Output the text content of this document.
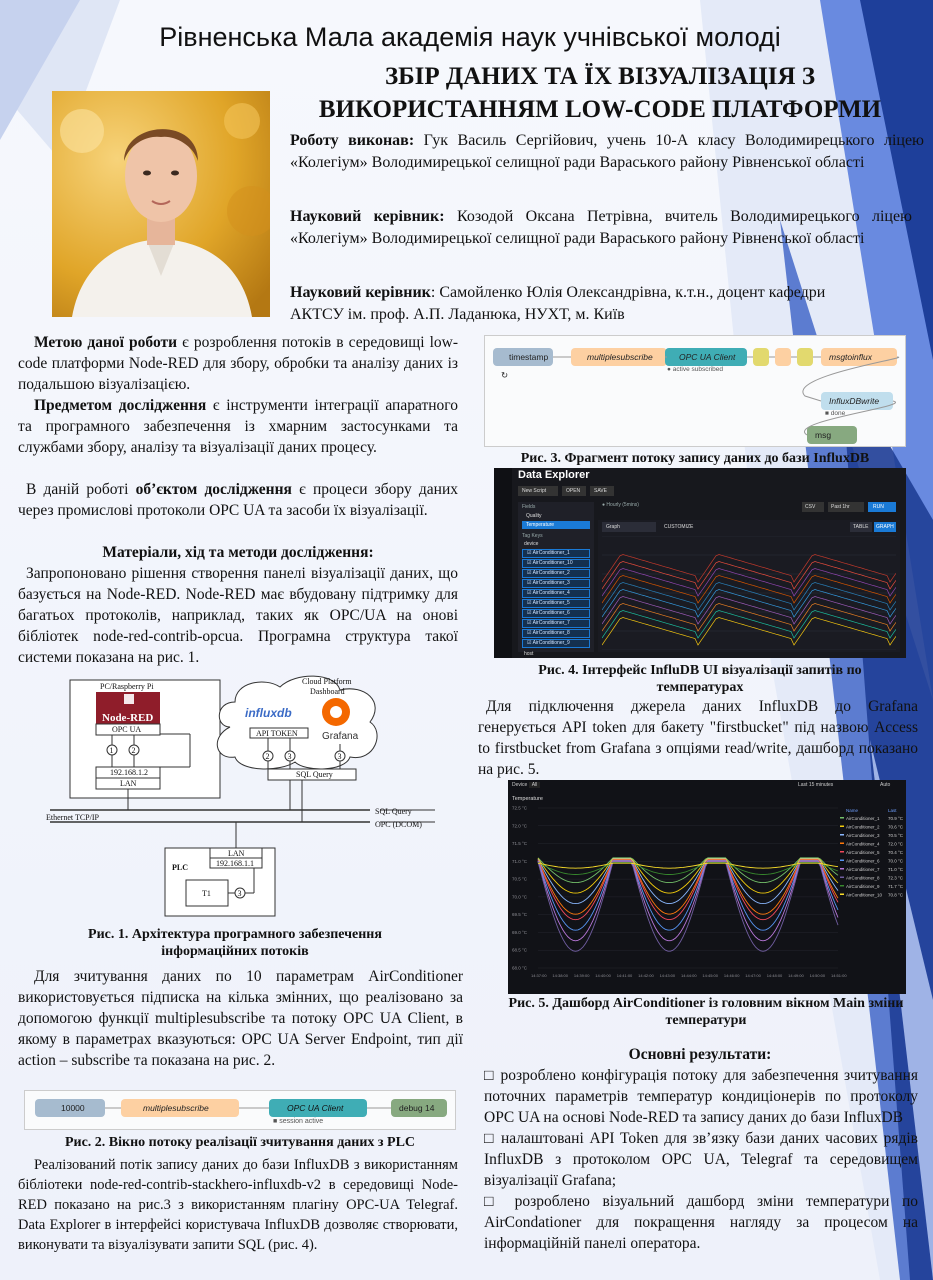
Рівненська Мала академія наук учнівської молоді
ЗБІР ДАНИХ ТА ЇХ ВІЗУАЛІЗАЦІЯ З
ВИКОРИСТАННЯМ LOW-CODE ПЛАТФОРМИ
Роботу виконав: Гук Василь Сергійович, учень 10-А класу Володимирецького ліцею «Колегіум» Володимирецької селищної ради Вараського району Рівненської області
Науковий керівник: Козодой Оксана Петрівна, вчитель Володимирецького ліцею «Колегіум» Володимирецької селищної ради Вараського району Рівненської області
Науковий керівник: Самойленко Юлія Олександрівна, к.т.н., доцент кафедри АКТСУ ім. проф. А.П. Ладанюка, НУХТ, м. Київ
Метою даної роботи є розроблення потоків в середовищі low-code платформи Node-RED для збору, обробки та аналізу даних із подальшою візуалізацією.
Предметом дослідження є інструменти інтеграції апаратного та програмного забезпечення із хмарним застосунками та службами збору, аналізу та візуалізації даних процесу.
В даній роботі об’єктом дослідження є процеси збору даних через промислові протоколи OPC UA та засоби їх візуалізації.
Матеріали, хід та методи дослідження:
Запропоновано рішення створення панелі візуалізації даних, що базується на Node-RED. Node-RED має вбудовану підтримку для багатьох протоколів, наприклад, таких як OPC/UA на онові бібліотек node-red-contrib-opcua. Програмна структура такої системи показана на рис. 1.
PC/Raspberry Pi
Node-RED
OPC UA
1 2
192.168.1.2
LAN
Cloud Platform
Dashboard
influxdb
Grafana
API TOKEN
2 3	3
SQL Query
SQL Query
OPC (DCOM)
Ethernet TCP/IP
LAN
192.168.1.1
PLC
T1	3
Рис. 1. Архітектура програмного забезпечення інформаційних потоків
Для зчитування даних по 10 параметрам AirConditioner використовується підписка на кілька змінних, що реалізовано за допомогою функції multiplesubscribe та потоку OPC UA Client, в якому в параметрах вказуються: OPC UA Server Endpoint, тип дії action – subscribe та показана на рис. 2.
10000	multiplesubscribe	OPC UA Client
■ session active
debug 14
Рис. 2. Вікно потоку реалізації зчитування даних з PLC
Реалізований потік запису даних до бази InfluxDB з використанням бібліотеки node-red-contrib-stackhero-influxdb-v2 в середовищі Node-RED показано на рис.3 з використанням плагіну OPC-UA Telegraf. Data Explorer в інтерфейсі користувача InfluxDB дозволяє створювати, виконувати та візуалізувати запити SQL (рис. 4).
timestamp ↻
multiplesubscribe	OPC UA Client
● active subscribed
msgtoinflux
InfluxDBwrite
■ done
msg
Рис. 3. Фрагмент потоку запису даних до бази InfluxDB
Data Explorer
New Script	OPEN	SAVE
● Hourly (5mins)	CSV	Past 1hr	RUN
Fields
Quality
Temperature
Tag Keys
device
☑ AirConditioner_1
☑ AirConditioner_10
☑ AirConditioner_2
☑ AirConditioner_3
☑ AirConditioner_4
☑ AirConditioner_5
☑ AirConditioner_6
☑ AirConditioner_7
☑ AirConditioner_8
☑ AirConditioner_9
host
Graph	CUSTOMIZE	TABLE	GRAPH
Рис. 4. Інтерфейс InfluDB UI візуалізації запитів по температурах
Для підключення джерела даних InfluxDB до Grafana генерується API token для бакету "firstbucket" під назвою Access to firstbucket from Grafana з опціями read/write, дашборд показано на рис. 5.
Device All	Last 15 minutes	Auto
Temperature
72.5 °C
72.0 °C
71.5 °C
71.0 °C
70.5 °C
70.0 °C
69.5 °C
69.0 °C
68.5 °C
68.0 °C
14:37:00 14:38:00 14:39:00 14:40:00 14:41:00 14:42:00 14:43:00 14:44:00 14:45:00 14:46:00 14:47:00 14:48:00 14:49:00 14:50:00 14:51:00
Name	Last
AirConditioner_1 70.9 °C
AirConditioner_2 70.6 °C
AirConditioner_3 70.5 °C
AirConditioner_4 72.0 °C
AirConditioner_5 70.4 °C
AirConditioner_6 70.0 °C
AirConditioner_7 71.0 °C
AirConditioner_8 72.3 °C
AirConditioner_9 71.7 °C
AirConditioner_10 70.8 °C
Рис. 5. Дашборд AirConditioner із головним вікном Main зміни температури
Основні результати:
□ розроблено конфігурація потоку для забезпечення зчитування поточних параметрів температур кондиціонерів по протоколу OPC UA на основі Node-RED та запису даних до бази InfluxDB
□ налаштовані API Token для зв’язку бази даних часових рядів InfluxDB з протоколом OPC UA, Telegraf та середовищем візуалізації Grafana;
□ розроблено візуальний дашборд зміни температури по AirCondationer для покращення нагляду за процесом на інформаційній панелі оператора.
